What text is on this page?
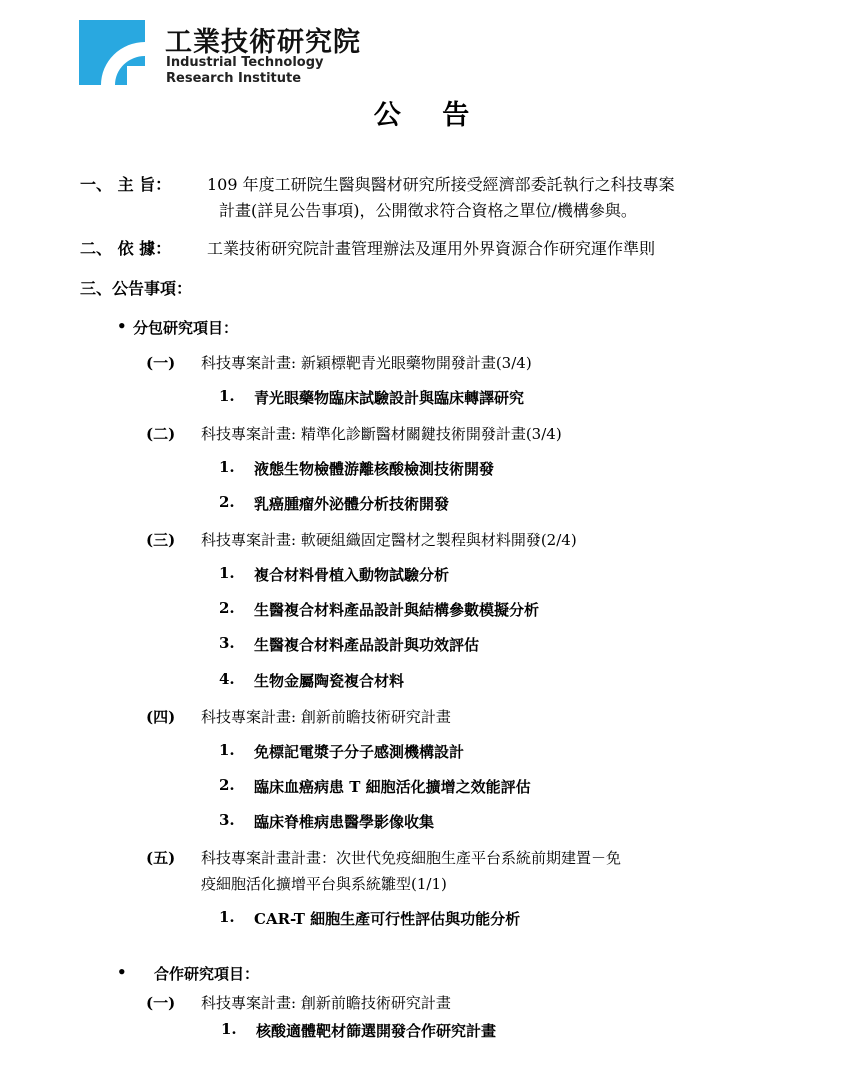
工業技術研究院
Industrial Technology
Research Institute
公 告
一、 主 旨： 109 年度工研院生醫與醫材研究所接受經濟部委託執行之科技專案
計畫(詳見公告事項)，公開徵求符合資格之單位/機構參與。
二、 依 據： 工業技術研究院計畫管理辦法及運用外界資源合作研究運作準則
三、公告事項：
• 分包研究項目：
(一) 科技專案計畫: 新穎標靶青光眼藥物開發計畫(3/4)
1. 青光眼藥物臨床試驗設計與臨床轉譯研究
(二) 科技專案計畫: 精準化診斷醫材關鍵技術開發計畫(3/4)
1. 液態生物檢體游離核酸檢測技術開發
2. 乳癌腫瘤外泌體分析技術開發
(三) 科技專案計畫: 軟硬組織固定醫材之製程與材料開發(2/4)
1. 複合材料骨植入動物試驗分析
2. 生醫複合材料產品設計與結構參數模擬分析
3. 生醫複合材料產品設計與功效評估
4. 生物金屬陶瓷複合材料
(四) 科技專案計畫: 創新前瞻技術研究計畫
1. 免標記電漿子分子感測機構設計
2. 臨床血癌病患 T 細胞活化擴增之效能評估
3. 臨床脊椎病患醫學影像收集
(五) 科技專案計畫計畫：次世代免疫細胞生產平台系統前期建置－免
疫細胞活化擴增平台與系統雛型(1/1)
1. CAR-T 細胞生產可行性評估與功能分析
• 合作研究項目：
(一) 科技專案計畫: 創新前瞻技術研究計畫
1. 核酸適體靶材篩選開發合作研究計畫
